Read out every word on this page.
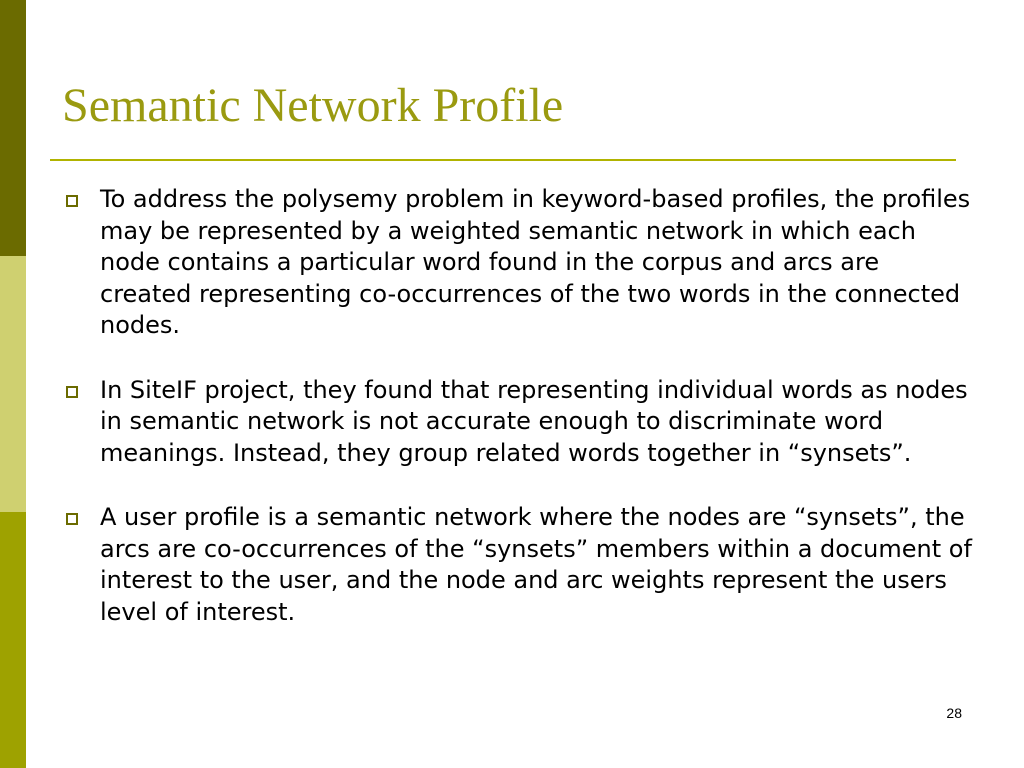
Semantic Network Profile
To address the polysemy problem in keyword-based profiles, the profiles may be represented by a weighted semantic network in which each node contains a particular word found in the corpus and arcs are created representing co-occurrences of the two words in the connected nodes.
In SiteIF project, they found that representing individual words as nodes in semantic network is not accurate enough to discriminate word meanings. Instead, they group related words together in “synsets”.
A user profile is a semantic network where the nodes are “synsets”, the arcs are co-occurrences of the “synsets” members within a document of interest to the user, and the node and arc weights represent the users level of interest.
28
